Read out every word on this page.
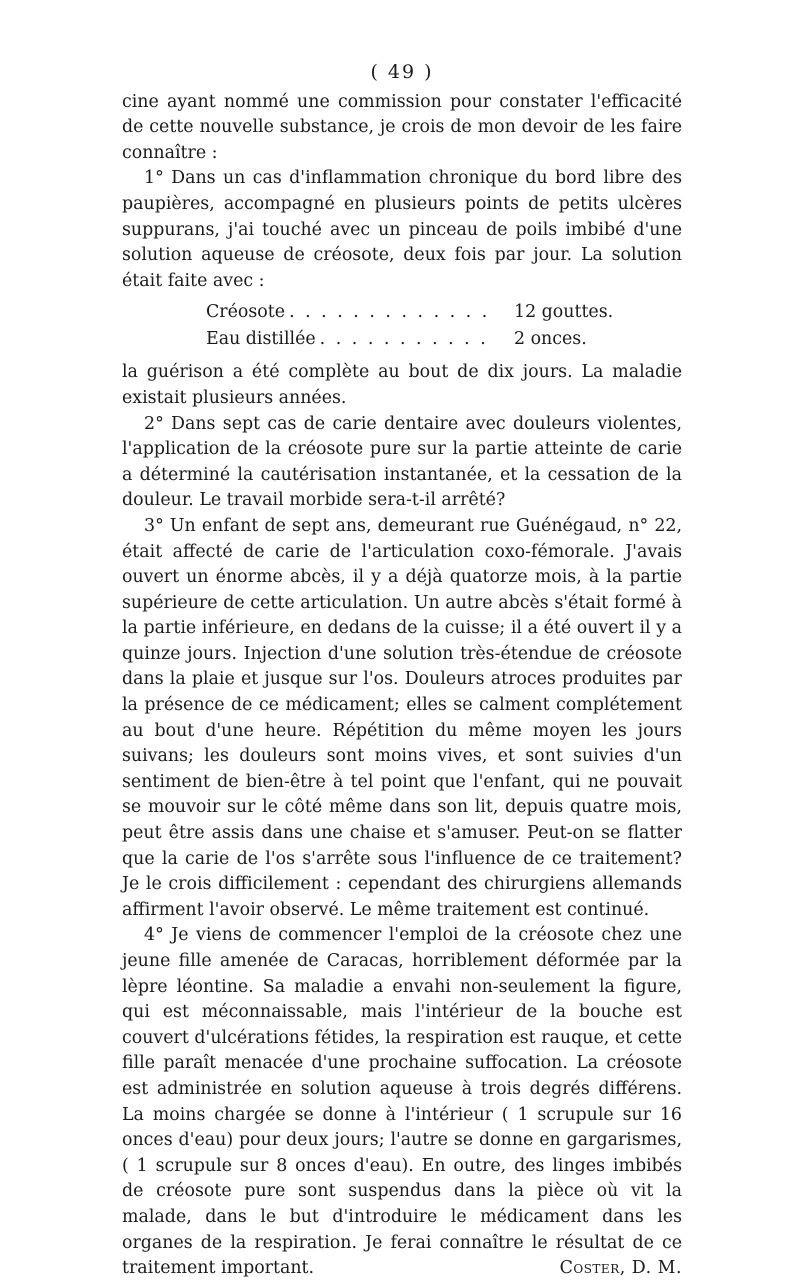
( 49 )

cine ayant nommé une commission pour constater l'efficacité de cette nouvelle substance, je crois de mon devoir de les faire connaître :

1° Dans un cas d'inflammation chronique du bord libre des paupières, accompagné en plusieurs points de petits ulcères suppurans, j'ai touché avec un pinceau de poils imbibé d'une solution aqueuse de créosote, deux fois par jour. La solution était faite avec :

Créosote . . . . . . . . . . . . .	12 gouttes.
Eau distillée . . . . . . . . . . .	2 onces.

la guérison a été complète au bout de dix jours. La maladie existait plusieurs années.

2° Dans sept cas de carie dentaire avec douleurs violentes, l'application de la créosote pure sur la partie atteinte de carie a déterminé la cautérisation instantanée, et la cessation de la douleur. Le travail morbide sera-t-il arrêté?

3° Un enfant de sept ans, demeurant rue Guénégaud, n° 22, était affecté de carie de l'articulation coxo-fémorale. J'avais ouvert un énorme abcès, il y a déjà quatorze mois, à la partie supérieure de cette articulation. Un autre abcès s'était formé à la partie inférieure, en dedans de la cuisse; il a été ouvert il y a quinze jours. Injection d'une solution très-étendue de créosote dans la plaie et jusque sur l'os. Douleurs atroces produites par la présence de ce médicament; elles se calment complétement au bout d'une heure. Répétition du même moyen les jours suivans; les douleurs sont moins vives, et sont suivies d'un sentiment de bien-être à tel point que l'enfant, qui ne pouvait se mouvoir sur le côté même dans son lit, depuis quatre mois, peut être assis dans une chaise et s'amuser. Peut-on se flatter que la carie de l'os s'arrête sous l'influence de ce traitement? Je le crois difficilement : cependant des chirurgiens allemands affirment l'avoir observé. Le même traitement est continué.

4° Je viens de commencer l'emploi de la créosote chez une jeune fille amenée de Caracas, horriblement déformée par la lèpre léontine. Sa maladie a envahi non-seulement la figure, qui est méconnaissable, mais l'intérieur de la bouche est couvert d'ulcérations fétides, la respiration est rauque, et cette fille paraît menacée d'une prochaine suffocation. La créosote est administrée en solution aqueuse à trois degrés différens. La moins chargée se donne à l'intérieur ( 1 scrupule sur 16 onces d'eau) pour deux jours; l'autre se donne en gargarismes, ( 1 scrupule sur 8 onces d'eau). En outre, des linges imbibés de créosote pure sont suspendus dans la pièce où vit la malade, dans le but d'introduire le médicament dans les organes de la respiration. Je ferai connaître le résultat de ce traitement important.	Coster, D. M.
